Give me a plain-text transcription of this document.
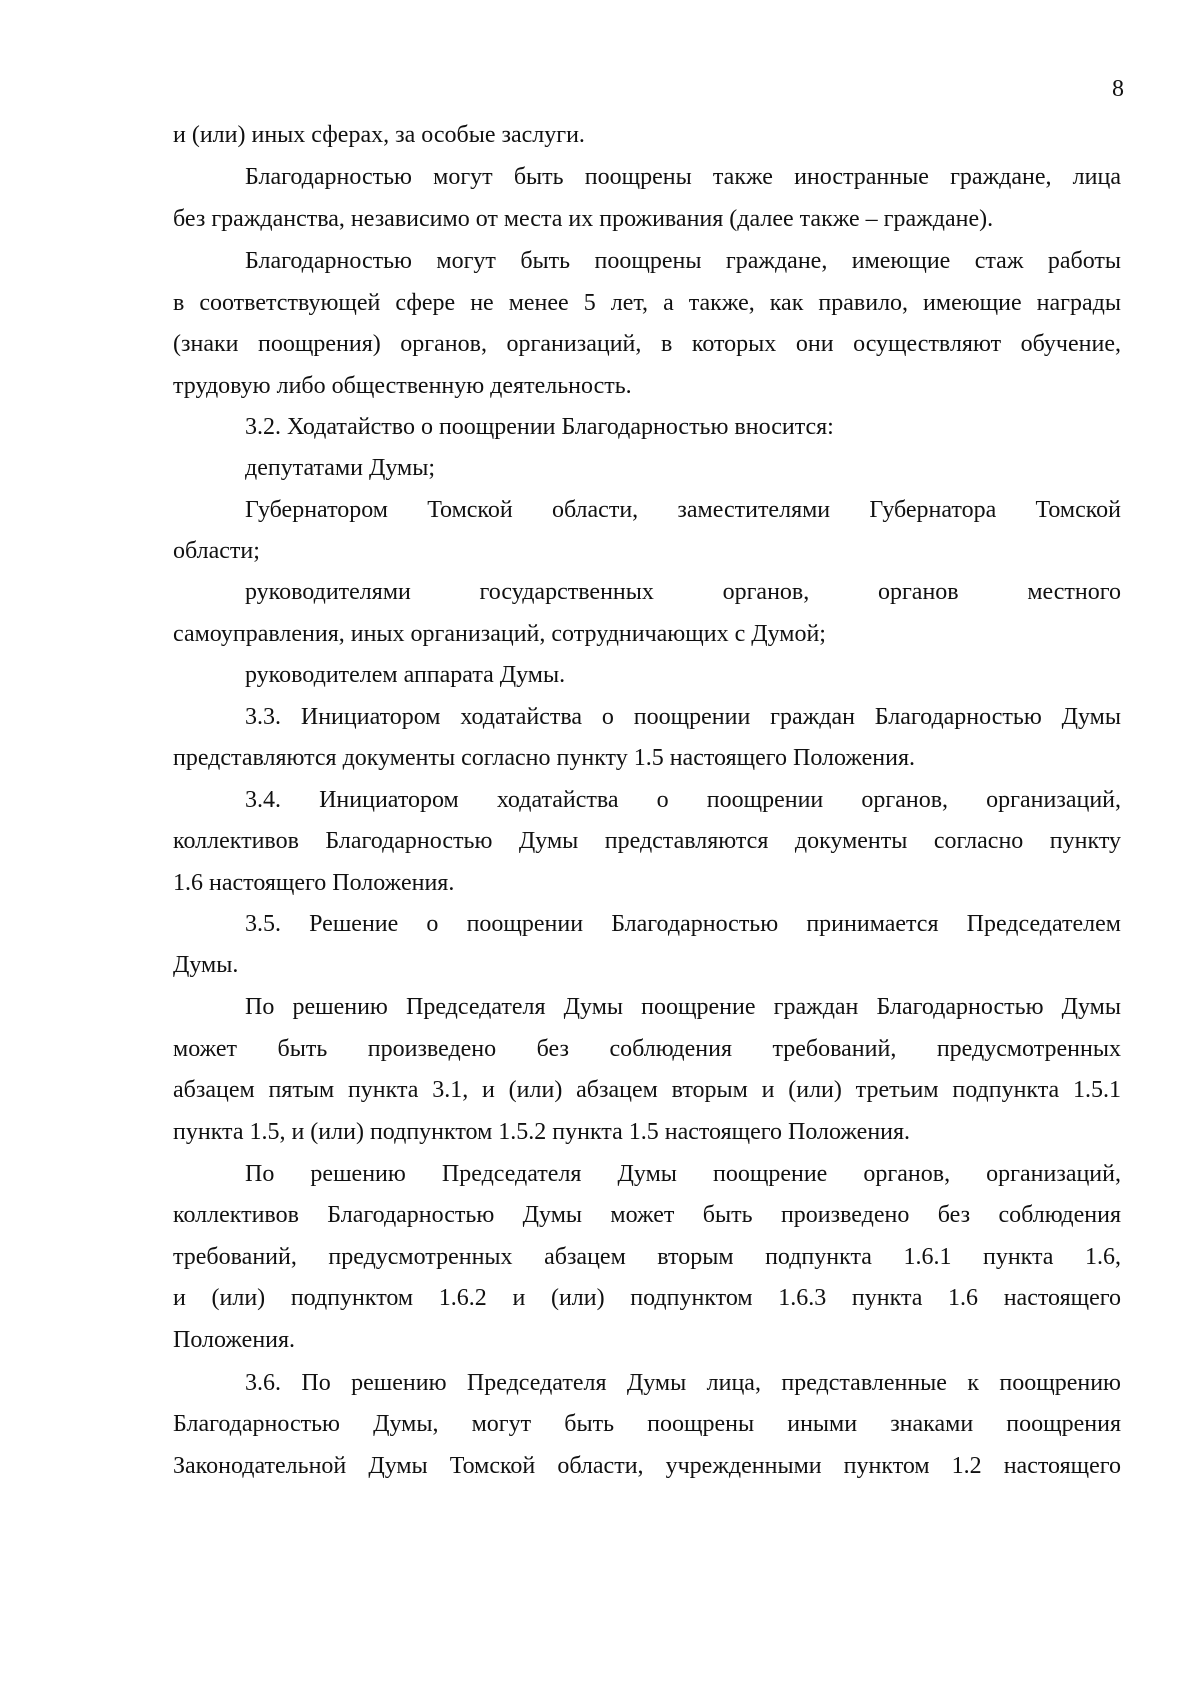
8
и (или) иных сферах, за особые заслуги.
Благодарностью могут быть поощрены также иностранные граждане, лица
без гражданства, независимо от места их проживания (далее также – граждане).
Благодарностью могут быть поощрены граждане, имеющие стаж работы
в соответствующей сфере не менее 5 лет, а также, как правило, имеющие награды
(знаки поощрения) органов, организаций, в которых они осуществляют обучение,
трудовую либо общественную деятельность.
3.2. Ходатайство о поощрении Благодарностью вносится:
депутатами Думы;
Губернатором Томской области, заместителями Губернатора Томской
области;
руководителями государственных органов, органов местного
самоуправления, иных организаций, сотрудничающих с Думой;
руководителем аппарата Думы.
3.3. Инициатором ходатайства о поощрении граждан Благодарностью Думы
представляются документы согласно пункту 1.5 настоящего Положения.
3.4. Инициатором ходатайства о поощрении органов, организаций,
коллективов Благодарностью Думы представляются документы согласно пункту
1.6 настоящего Положения.
3.5. Решение о поощрении Благодарностью принимается Председателем
Думы.
По решению Председателя Думы поощрение граждан Благодарностью Думы
может быть произведено без соблюдения требований, предусмотренных
абзацем пятым пункта 3.1, и (или) абзацем вторым и (или) третьим подпункта 1.5.1
пункта 1.5, и (или) подпунктом 1.5.2 пункта 1.5 настоящего Положения.
По решению Председателя Думы поощрение органов, организаций,
коллективов Благодарностью Думы может быть произведено без соблюдения
требований, предусмотренных абзацем вторым подпункта 1.6.1 пункта 1.6,
и (или) подпунктом 1.6.2 и (или) подпунктом 1.6.3 пункта 1.6 настоящего
Положения.
3.6. По решению Председателя Думы лица, представленные к поощрению
Благодарностью Думы, могут быть поощрены иными знаками поощрения
Законодательной Думы Томской области, учрежденными пунктом 1.2 настоящего
